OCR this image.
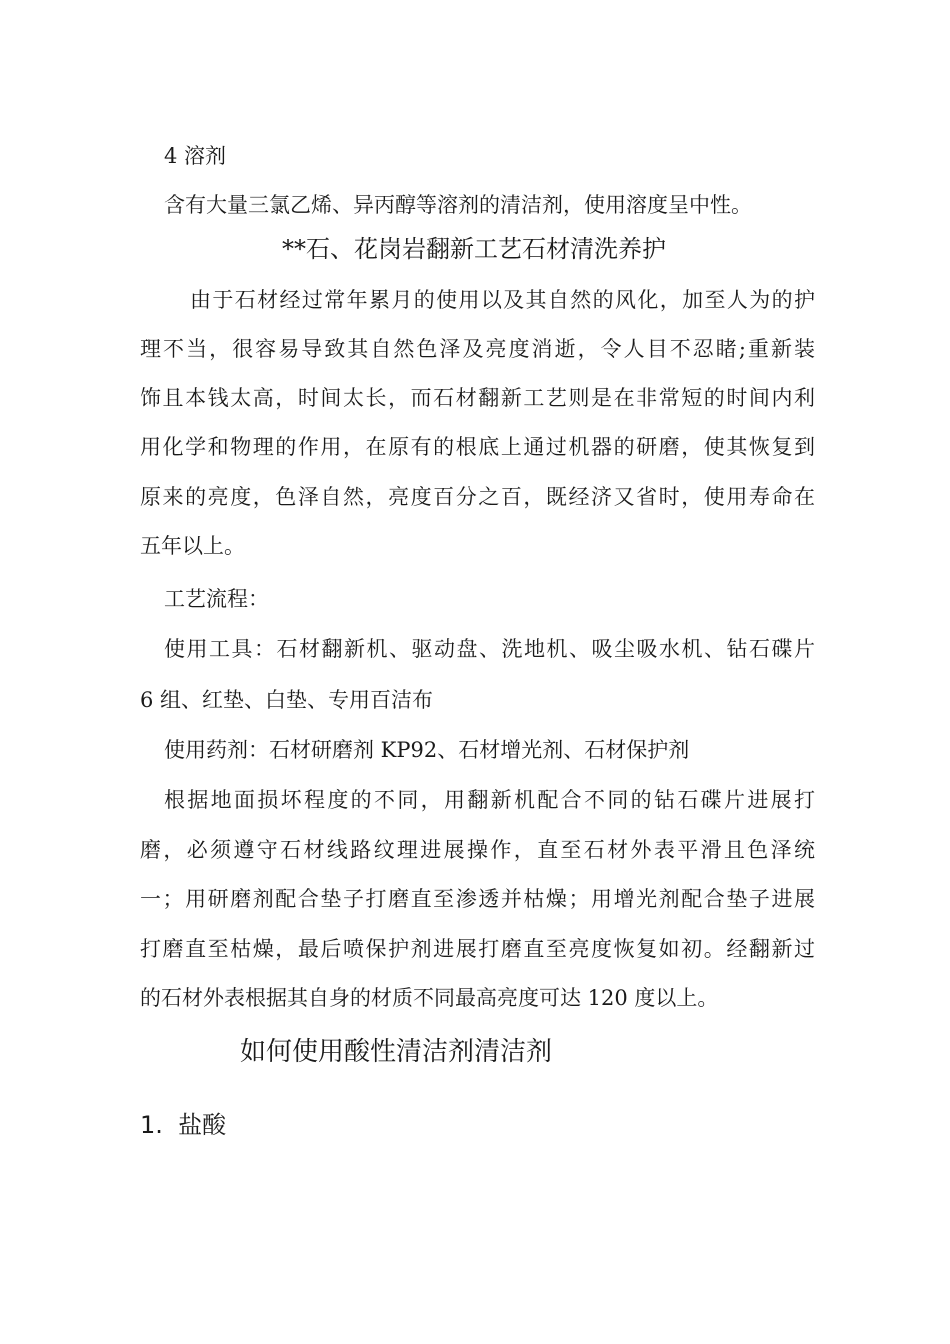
4 溶剂
含有大量三氯乙烯、异丙醇等溶剂的清洁剂，使用溶度呈中性。
**石、花岗岩翻新工艺石材清洗养护
由于石材经过常年累月的使用以及其自然的风化，加至人为的护
理不当，很容易导致其自然色泽及亮度消逝，令人目不忍睹;重新装
饰且本钱太高，时间太长，而石材翻新工艺则是在非常短的时间内利
用化学和物理的作用，在原有的根底上通过机器的研磨，使其恢复到
原来的亮度，色泽自然，亮度百分之百，既经济又省时，使用寿命在
五年以上。
工艺流程：
使用工具：石材翻新机、驱动盘、洗地机、吸尘吸水机、钻石碟片
6 组、红垫、白垫、专用百洁布
使用药剂：石材研磨剂 KP92、石材增光剂、石材保护剂
根据地面损坏程度的不同，用翻新机配合不同的钻石碟片进展打
磨，必须遵守石材线路纹理进展操作，直至石材外表平滑且色泽统
一；用研磨剂配合垫子打磨直至渗透并枯燥；用增光剂配合垫子进展
打磨直至枯燥，最后喷保护剂进展打磨直至亮度恢复如初。经翻新过
的石材外表根据其自身的材质不同最高亮度可达 120 度以上。
如何使用酸性清洁剂清洁剂
1.  盐酸
